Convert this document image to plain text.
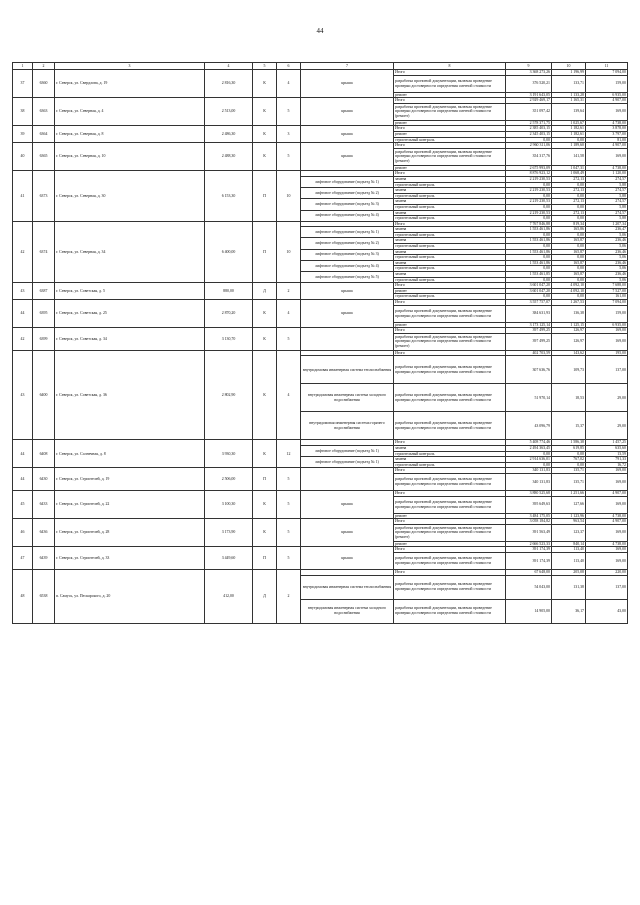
44
1	2	3	4	5	6	7	8	9	10	11
37	6360	г. Северск, ул. Свердлова, д. 19	2 816,30	К	4	крыша	Итого	3 368 273,26	1 196,99	7 094,00
							разработка проектной документации, включая проведение проверки достоверности определения сметной стоимости	376 520,21	133,71	159,00
							ремонт	3 191 643,05	1 133,28	6 935,00
38	6363	г. Северск, ул. Северная, д. 4	2 513,00	К	5	крыша	Итого	2 929 469,17	1 165,31	4 907,00
							разработка проектной документации, включая проведение проверки достоверности определения сметной стоимости (ремонт)	351 097,42	139,64	169,00
							ремонт	2 578 371,75	1 025,67	4 738,00
39	6364	г. Северск, ул. Северная, д. 8	2 486,30	К	3	крыша	Итого	2 385 403,15	1 182,61	3 878,00
							ремонт	2 345 403,15	1 182,61	3 797,00
							строительный контроль	0,00	0,00	81,00
40	6365	г. Северск, ул. Северная, д. 10	2 488,30	К	5	крыша	Итого	2 960 311,06	1 189,60	4 907,00
							разработка проектной документации, включая проведение проверки достоверности определения сметной стоимости (ремонт)	354 317,76	141,58	169,00
							ремонт	2 675 993,09	1 047,31	4 738,00
41	6373	г. Северск, ул. Северная, д. 30	6 153,30	П	10		Итого	8 876 923,12	1 068,49	1 120,00
						лифтовое оборудование (подъезд № 1)	замена	2 219 230,53	272,13	274,57
							строительный контроль	0,00	0,00	5,88
						лифтовое оборудование (подъезд № 2)	замена	2 219 230,53	272,13	274,57
							строительный контроль	0,00	0,00	5,88
						лифтовое оборудование (подъезд № 3)	замена	2 219 230,53	272,13	274,57
							строительный контроль	0,00	0,00	5,88
						лифтовое оборудование (подъезд № 4)	замена	2 219 230,53	272,13	274,57
							строительный контроль	0,00	0,00	5,88
42	6374	г. Северск, ул. Северная, д. 34	6 400,00	П	10		Итого	7 767 846,88	819,34	1 207,34
						лифтовое оборудование (подъезд № 1)	замена	1 553 461,86	165,86	236,47
							строительный контроль	0,00	0,00	5,06
						лифтовое оборудование (подъезд № 2)	замена	1 553 461,86	165,87	236,46
							строительный контроль	0,00	0,00	5,06
						лифтовое оборудование (подъезд № 3)	замена	1 553 461,86	165,87	236,46
							строительный контроль	0,00	0,00	5,06
						лифтовое оборудование (подъезд № 4)	замена	1 553 461,86	165,87	236,46
							строительный контроль	0,00	0,00	5,06
						лифтовое оборудование (подъезд № 5)	замена	1 553 461,85	165,87	236,46
							строительный контроль	0,00	0,00	5,06
43	6387	г. Северск, ул. Советская, д. 5	880,00	Д	2	крыша	Итого	3 601 047,20	4 092,10	7 688,00
							ремонт	3 601 047,20	4 092,10	7 527,00
							строительный контроль	0,00	0,00	161,00
44	6395	г. Северск, ул. Советская, д. 25	2 870,20	К	4	крыша	Итого	3 557 757,07	1 267,53	7 094,00
							разработка проектной документации, включая проведение проверки достоверности определения сметной стоимости	384 631,93	136,38	159,00
							ремонт	3 173 125,14	1 125,15	6 935,00
42	6399	г. Северск, ул. Советская, д. 34	3 130,70	К	5		Итого	397 499,25	126,97	169,00
							разработка проектной документации, включая проведение проверки достоверности определения сметной стоимости (ремонт)	397 499,25	126,97	169,00
43	6400	г. Северск, ул. Советская, д. 36	2 802,90	К	4		Итого	402 703,59	143,62	195,00
						внутридомовая инженерная система теплоснабжения	разработка проектной документации, включая проведение проверки достоверности определения сметной стоимости	307 636,76	109,73	137,00
						внутридомовая инженерная система холодного водоснабжения	разработка проектной документации, включая проведение проверки достоверности определения сметной стоимости	51 970,14	18,53	29,00
						внутридомовая инженерная система горячего водоснабжения	разработка проектной документации, включая проведение проверки достоверности определения сметной стоимости	43 096,79	15,37	29,00
44	6408	г. Северск, ул. Солнечная, д. 8	3 930,30	К	12		Итого	5 408 774,46	1 586,38	1 457,25
						лифтовое оборудование (подъезд № 1)	замена	2 494 363,45	619,85	635,60
							строительный контроль	0,00	0,00	13,59
						лифтовое оборудование (подъезд № 1)	замена	2 914 636,01	767,02	791,33
							строительный контроль	0,00	0,00	16,72
44	6430	г. Северск, ул. Строителей, д. 19	2 506,00	П	5		Итого	340 131,83	135,71	169,00
							разработка проектной документации, включая проведение проверки достоверности определения сметной стоимости	340 131,83	135,71	169,00
45	6433	г. Северск, ул. Строителей, д. 22	3 100,30	К	5	крыша	Итого	3 880 525,68	1 251,66	4 907,00
							разработка проектной документации, включая проведение проверки достоверности определения сметной стоимости	395 649,63	127,66	169,00
							ремонт	3 484 175,05	1 123,96	4 738,00
46	6436	г. Северск, ул. Строителей, д. 28	3 173,90	К	5	крыша	Итого	3 058 184,82	963,54	4 907,00
							разработка проектной документации, включая проведение проверки достоверности определения сметной стоимости (ремонт)	391 563,49	123,37	169,00
							ремонт	2 666 523,33	840,14	4 738,00
47	6439	г. Северск, ул. Строителей, д. 33	3 449,60	П	5	крыша	Итого	391 174,39	113,40	169,00
							разработка проектной документации, включая проведение проверки достоверности определения сметной стоимости	391 174,39	113,40	169,00
48	6538	п. Самусь, ул. Пескарского, д. 20	412,00	Д	2		Итого	67 648,00	205,08	220,00
						внутридомовая инженерная система теплоснабжения	разработка проектной документации, включая проведение проверки достоверности определения сметной стоимости	54 043,00	131,38	137,00
						внутридомовая инженерная система холодного водоснабжения	разработка проектной документации, включая проведение проверки достоверности определения сметной стоимости	14 905,00	36,17	43,00
